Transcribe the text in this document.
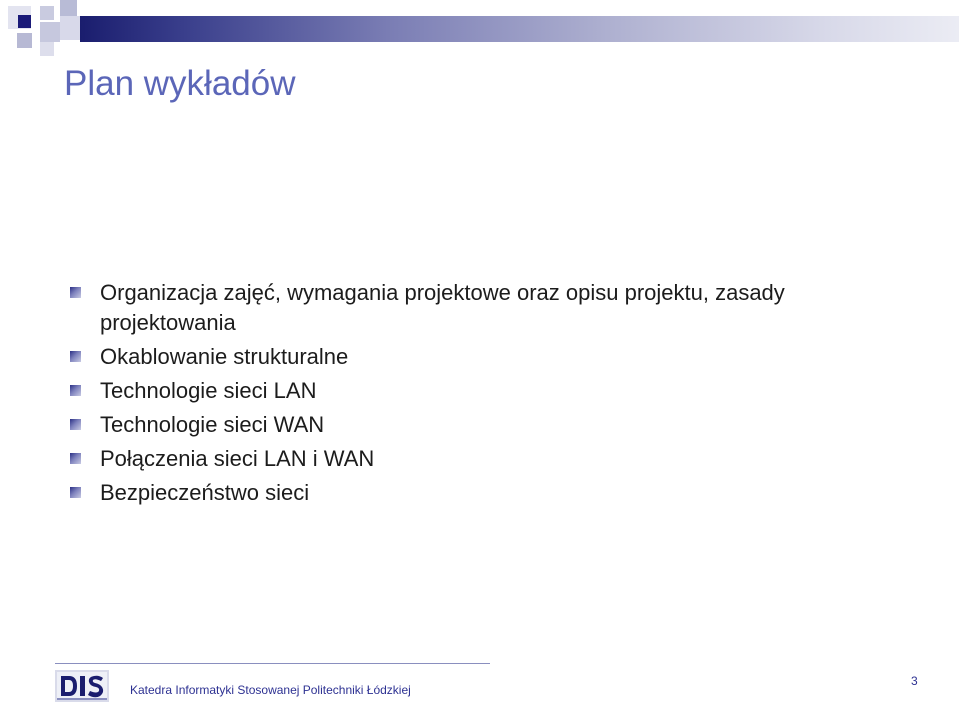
Plan wykładów
Organizacja zajęć, wymagania projektowe oraz opisu projektu, zasady projektowania
Okablowanie strukturalne
Technologie sieci LAN
Technologie sieci WAN
Połączenia sieci LAN i WAN
Bezpieczeństwo sieci
Katedra Informatyki Stosowanej Politechniki Łódzkiej
3
